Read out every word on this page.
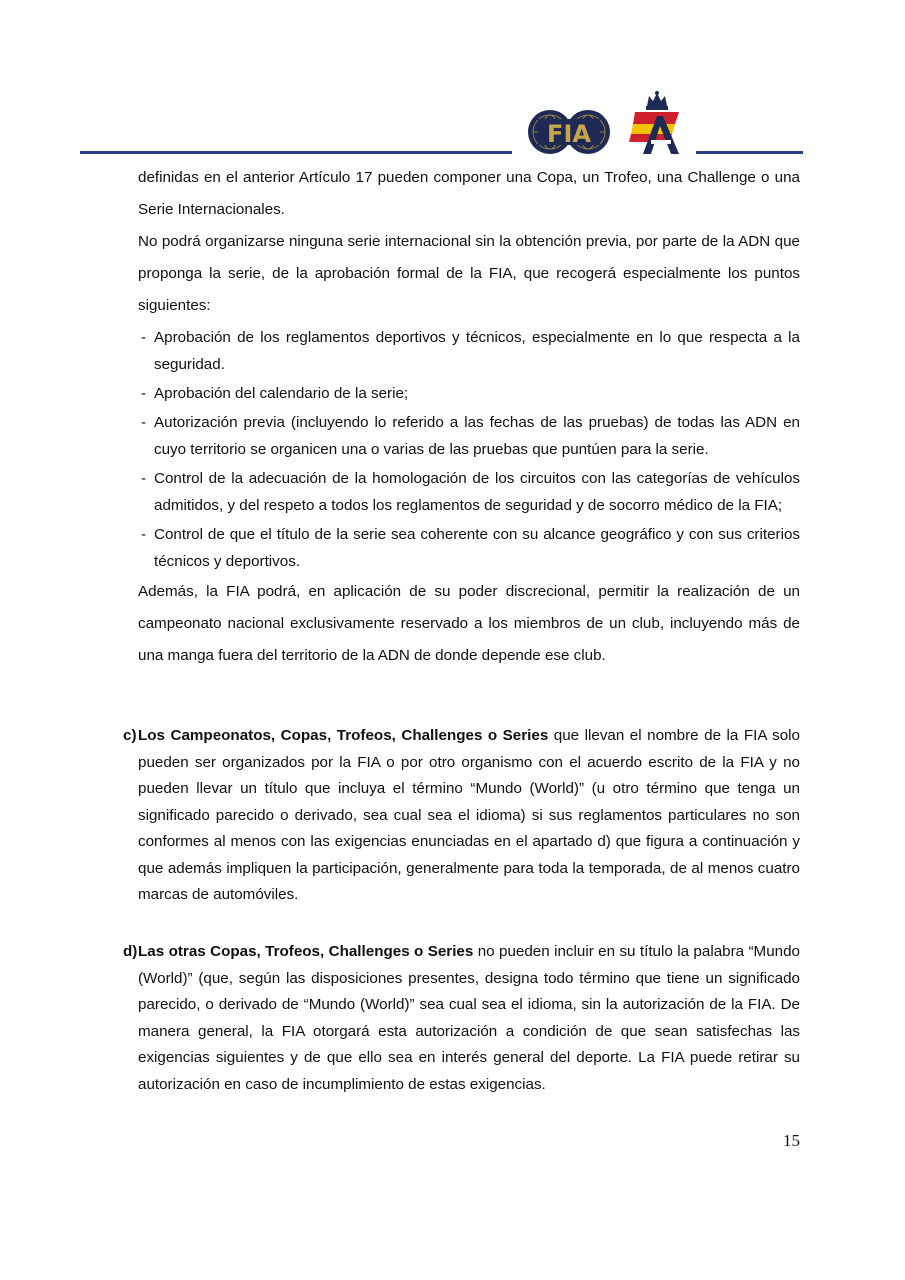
FIA

definidas en el anterior Artículo 17 pueden componer una Copa, un Trofeo, una Challenge o una Serie Internacionales.

No podrá organizarse ninguna serie internacional sin la obtención previa, por parte de la ADN que proponga la serie, de la aprobación formal de la FIA, que recogerá especialmente los puntos siguientes:

- Aprobación de los reglamentos deportivos y técnicos, especialmente en lo que respecta a la seguridad.
- Aprobación del calendario de la serie;
- Autorización previa (incluyendo lo referido a las fechas de las pruebas) de todas las ADN en cuyo territorio se organicen una o varias de las pruebas que puntúen para la serie.
- Control de la adecuación de la homologación de los circuitos con las categorías de vehículos admitidos, y del respeto a todos los reglamentos de seguridad y de socorro médico de la FIA;
- Control de que el título de la serie sea coherente con su alcance geográfico y con sus criterios técnicos y deportivos.

Además, la FIA podrá, en aplicación de su poder discrecional, permitir la realización de un campeonato nacional exclusivamente reservado a los miembros de un club, incluyendo más de una manga fuera del territorio de la ADN de donde depende ese club.

c) Los Campeonatos, Copas, Trofeos, Challenges o Series que llevan el nombre de la FIA solo pueden ser organizados por la FIA o por otro organismo con el acuerdo escrito de la FIA y no pueden llevar un título que incluya el término “Mundo (World)” (u otro término que tenga un significado parecido o derivado, sea cual sea el idioma) si sus reglamentos particulares no son conformes al menos con las exigencias enunciadas en el apartado d) que figura a continuación y que además impliquen la participación, generalmente para toda la temporada, de al menos cuatro marcas de automóviles.
d) Las otras Copas, Trofeos, Challenges o Series no pueden incluir en su título la palabra “Mundo (World)” (que, según las disposiciones presentes, designa todo término que tiene un significado parecido, o derivado de “Mundo (World)” sea cual sea el idioma, sin la autorización de la FIA. De manera general, la FIA otorgará esta autorización a condición de que sean satisfechas las exigencias siguientes y de que ello sea en interés general del deporte. La FIA puede retirar su autorización en caso de incumplimiento de estas exigencias.
15
